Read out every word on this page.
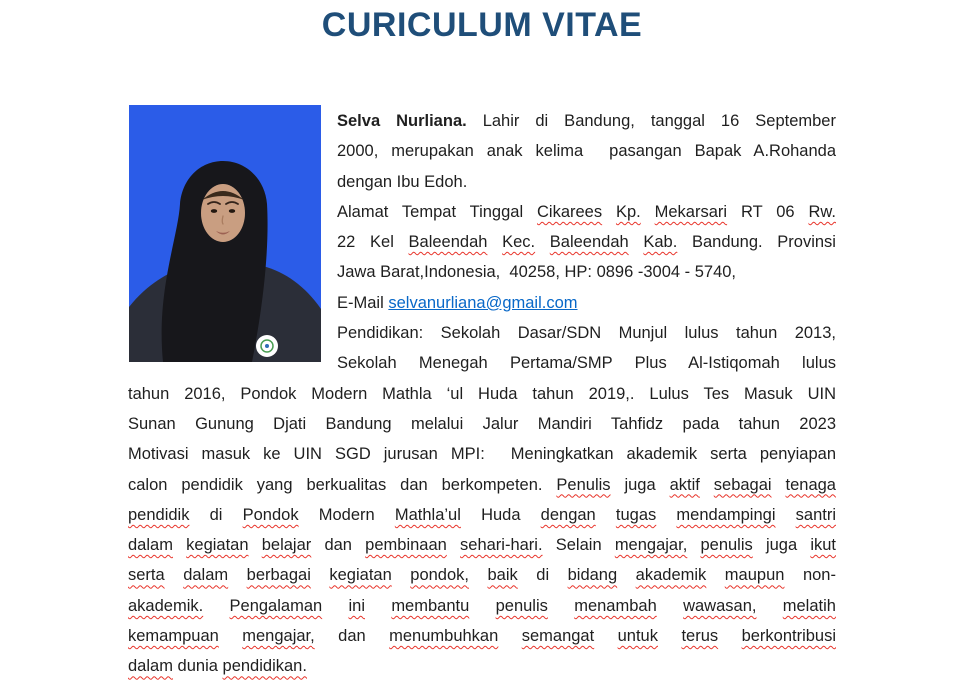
CURICULUM VITAE
Selva Nurliana. Lahir di Bandung, tanggal 16 September
2000, merupakan anak kelima  pasangan Bapak A.Rohanda
dengan Ibu Edoh.
Alamat Tempat Tinggal Cikarees Kp. Mekarsari RT 06 Rw.
22 Kel Baleendah Kec. Baleendah Kab. Bandung. Provinsi
Jawa Barat,Indonesia,  40258, HP: 0896 -3004 - 5740,
E-Mail selvanurliana@gmail.com
Pendidikan: Sekolah Dasar/SDN Munjul lulus tahun 2013,
Sekolah Menegah Pertama/SMP Plus Al-Istiqomah lulus
tahun 2016, Pondok Modern Mathla ‘ul Huda tahun 2019,. Lulus Tes Masuk UIN
Sunan Gunung Djati Bandung melalui Jalur Mandiri Tahfidz pada tahun 2023
Motivasi masuk ke UIN SGD jurusan MPI:  Meningkatkan akademik serta penyiapan
calon pendidik yang berkualitas dan berkompeten. Penulis juga aktif sebagai tenaga
pendidik di Pondok Modern Mathla’ul Huda dengan tugas mendampingi santri
dalam kegiatan belajar dan pembinaan sehari-hari. Selain mengajar, penulis juga ikut
serta dalam berbagai kegiatan pondok, baik di bidang akademik maupun non-
akademik. Pengalaman ini membantu penulis menambah wawasan, melatih
kemampuan mengajar, dan menumbuhkan semangat untuk terus berkontribusi
dalam dunia pendidikan.
